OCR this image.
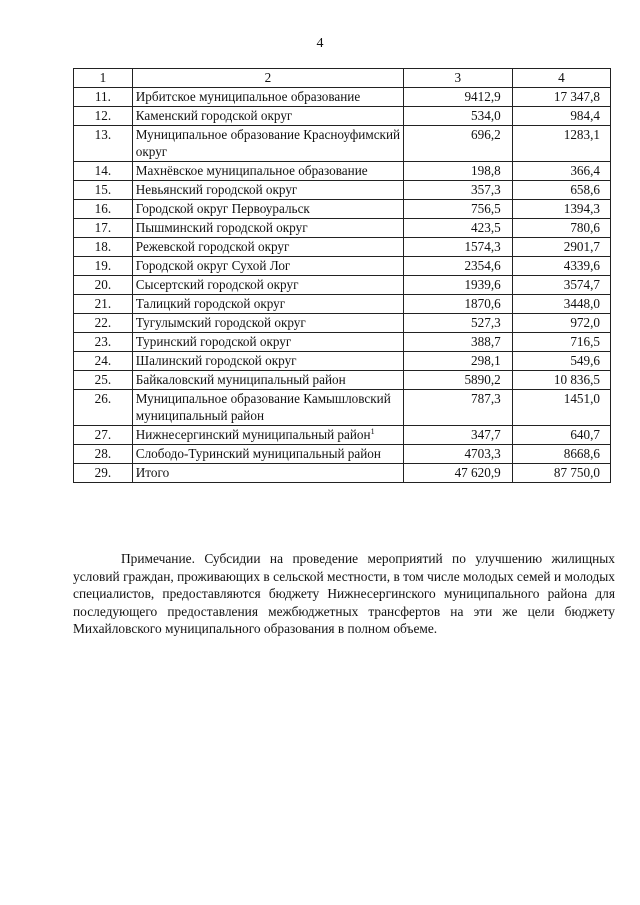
4
1	2	3	4
11.	Ирбитское муниципальное образование	9412,9	17 347,8
12.	Каменский городской округ	534,0	984,4
13.	Муниципальное образование Красноуфимский округ	696,2	1283,1
14.	Махнёвское муниципальное образование	198,8	366,4
15.	Невьянский городской округ	357,3	658,6
16.	Городской округ Первоуральск	756,5	1394,3
17.	Пышминский городской округ	423,5	780,6
18.	Режевской городской округ	1574,3	2901,7
19.	Городской округ Сухой Лог	2354,6	4339,6
20.	Сысертский городской округ	1939,6	3574,7
21.	Талицкий городской округ	1870,6	3448,0
22.	Тугулымский городской округ	527,3	972,0
23.	Туринский городской округ	388,7	716,5
24.	Шалинский городской округ	298,1	549,6
25.	Байкаловский муниципальный район	5890,2	10 836,5
26.	Муниципальное образование Камышловский муниципальный район	787,3	1451,0
27.	Нижнесергинский муниципальный район$^1$	347,7	640,7
28.	Слободо-Туринский муниципальный район	4703,3	8668,6
29.	Итого	47 620,9	87 750,0
Примечание. Субсидии на проведение мероприятий по улучшению жилищных условий граждан, проживающих в сельской местности, в том числе молодых семей и молодых специалистов, предоставляются бюджету Нижнесергинского муниципального района для последующего предоставления межбюджетных трансфертов на эти же цели бюджету Михайловского муниципального образования в полном объеме.
